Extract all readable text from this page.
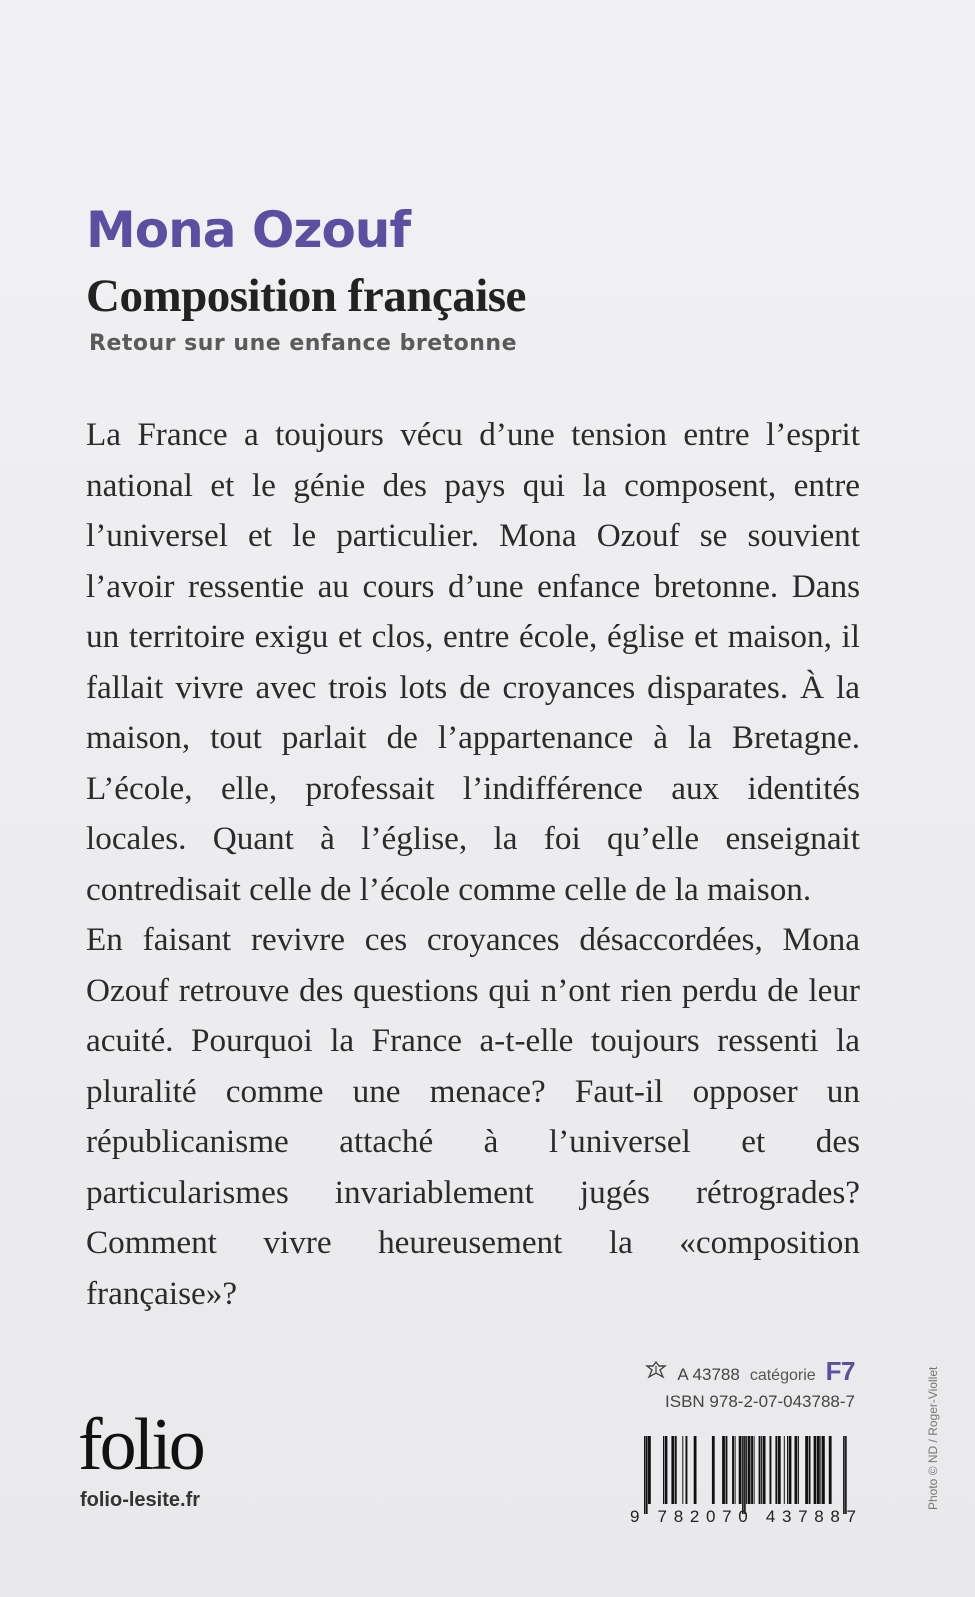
Mona Ozouf
Composition française
Retour sur une enfance bretonne

La France a toujours vécu d’une tension entre l’esprit national et le génie des pays qui la composent, entre l’universel et le particulier. Mona Ozouf se souvient l’avoir ressentie au cours d’une enfance bretonne. Dans un territoire exigu et clos, entre école, église et maison, il fallait vivre avec trois lots de croyances disparates. À la maison, tout parlait de l’appartenance à la Bretagne. L’école, elle, professait l’indifférence aux identités locales. Quant à l’église, la foi qu’elle enseignait contredisait celle de l’école comme celle de la maison.

En faisant revivre ces croyances désaccordées, Mona Ozouf retrouve des questions qui n’ont rien perdu de leur acuité. Pourquoi la France a-t-elle toujours ressenti la pluralité comme une menace? Faut-il opposer un républicanisme attaché à l’universel et des particularismes invariablement jugés rétrogrades? Comment vivre heureusement la «composition française»?

A 43788 catégorie F7
ISBN 978-2-07-043788-7
9 782070 437887
folio
folio-lesite.fr	Photo © ND / Roger-Viollet
